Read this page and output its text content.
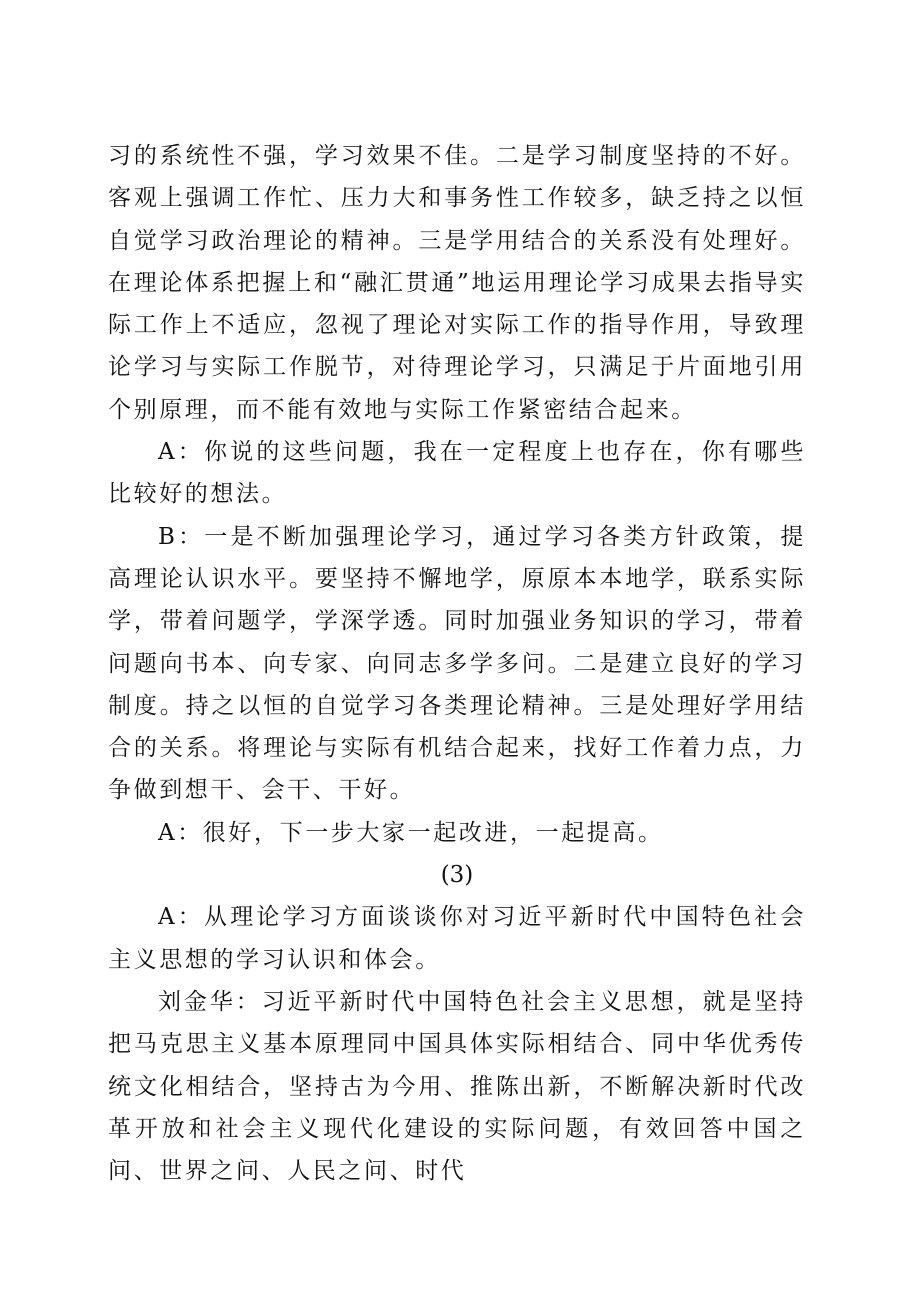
习的系统性不强，学习效果不佳。二是学习制度坚持的不好。客观上强调工作忙、压力大和事务性工作较多，缺乏持之以恒自觉学习政治理论的精神。三是学用结合的关系没有处理好。在理论体系把握上和“融汇贯通”地运用理论学习成果去指导实际工作上不适应，忽视了理论对实际工作的指导作用，导致理论学习与实际工作脱节，对待理论学习，只满足于片面地引用个别原理，而不能有效地与实际工作紧密结合起来。

A：你说的这些问题，我在一定程度上也存在，你有哪些比较好的想法。

B：一是不断加强理论学习，通过学习各类方针政策，提高理论认识水平。要坚持不懈地学，原原本本地学，联系实际学，带着问题学，学深学透。同时加强业务知识的学习，带着问题向书本、向专家、向同志多学多问。二是建立良好的学习制度。持之以恒的自觉学习各类理论精神。三是处理好学用结合的关系。将理论与实际有机结合起来，找好工作着力点，力争做到想干、会干、干好。

A：很好，下一步大家一起改进，一起提高。

(3)

A：从理论学习方面谈谈你对习近平新时代中国特色社会主义思想的学习认识和体会。

刘金华：习近平新时代中国特色社会主义思想，就是坚持把马克思主义基本原理同中国具体实际相结合、同中华优秀传统文化相结合，坚持古为今用、推陈出新，不断解决新时代改革开放和社会主义现代化建设的实际问题，有效回答中国之问、世界之问、人民之问、时代
